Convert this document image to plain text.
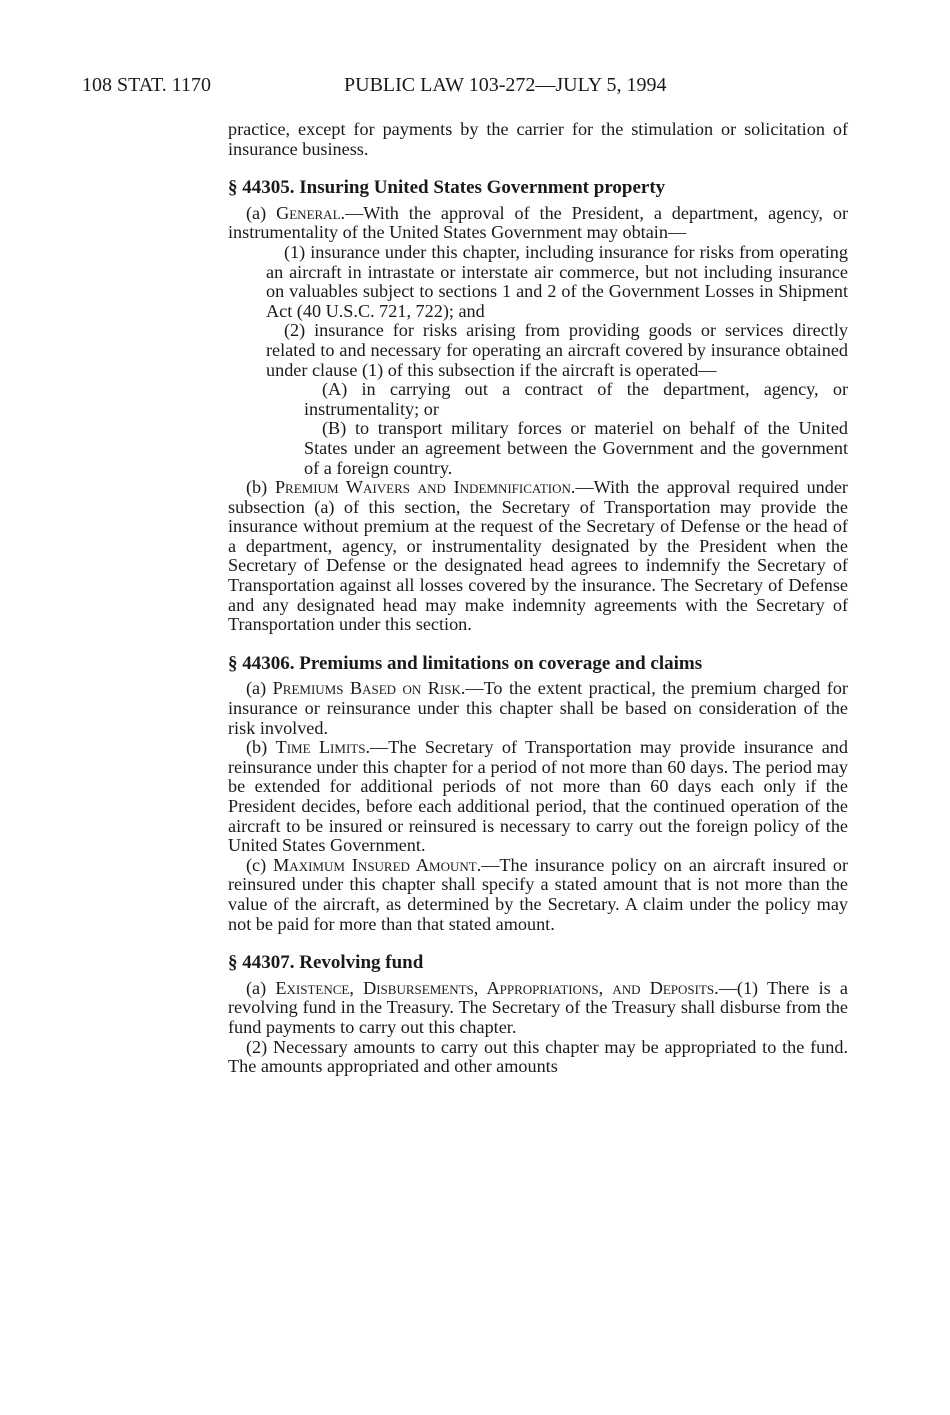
108 STAT. 1170	PUBLIC LAW 103-272—JULY 5, 1994

practice, except for payments by the carrier for the stimulation or solicitation of insurance business.

§ 44305. Insuring United States Government property

(a) General.—With the approval of the President, a department, agency, or instrumentality of the United States Government may obtain—

(1) insurance under this chapter, including insurance for risks from operating an aircraft in intrastate or interstate air commerce, but not including insurance on valuables subject to sections 1 and 2 of the Government Losses in Shipment Act (40 U.S.C. 721, 722); and

(2) insurance for risks arising from providing goods or services directly related to and necessary for operating an aircraft covered by insurance obtained under clause (1) of this subsection if the aircraft is operated—

(A) in carrying out a contract of the department, agency, or instrumentality; or

(B) to transport military forces or materiel on behalf of the United States under an agreement between the Government and the government of a foreign country.

(b) Premium Waivers and Indemnification.—With the approval required under subsection (a) of this section, the Secretary of Transportation may provide the insurance without premium at the request of the Secretary of Defense or the head of a department, agency, or instrumentality designated by the President when the Secretary of Defense or the designated head agrees to indemnify the Secretary of Transportation against all losses covered by the insurance. The Secretary of Defense and any designated head may make indemnity agreements with the Secretary of Transportation under this section.

§ 44306. Premiums and limitations on coverage and claims

(a) Premiums Based on Risk.—To the extent practical, the premium charged for insurance or reinsurance under this chapter shall be based on consideration of the risk involved.

(b) Time Limits.—The Secretary of Transportation may provide insurance and reinsurance under this chapter for a period of not more than 60 days. The period may be extended for additional periods of not more than 60 days each only if the President decides, before each additional period, that the continued operation of the aircraft to be insured or reinsured is necessary to carry out the foreign policy of the United States Government.

(c) Maximum Insured Amount.—The insurance policy on an aircraft insured or reinsured under this chapter shall specify a stated amount that is not more than the value of the aircraft, as determined by the Secretary. A claim under the policy may not be paid for more than that stated amount.

§ 44307. Revolving fund

(a) Existence, Disbursements, Appropriations, and Deposits.—(1) There is a revolving fund in the Treasury. The Secretary of the Treasury shall disburse from the fund payments to carry out this chapter.

(2) Necessary amounts to carry out this chapter may be appropriated to the fund. The amounts appropriated and other amounts
